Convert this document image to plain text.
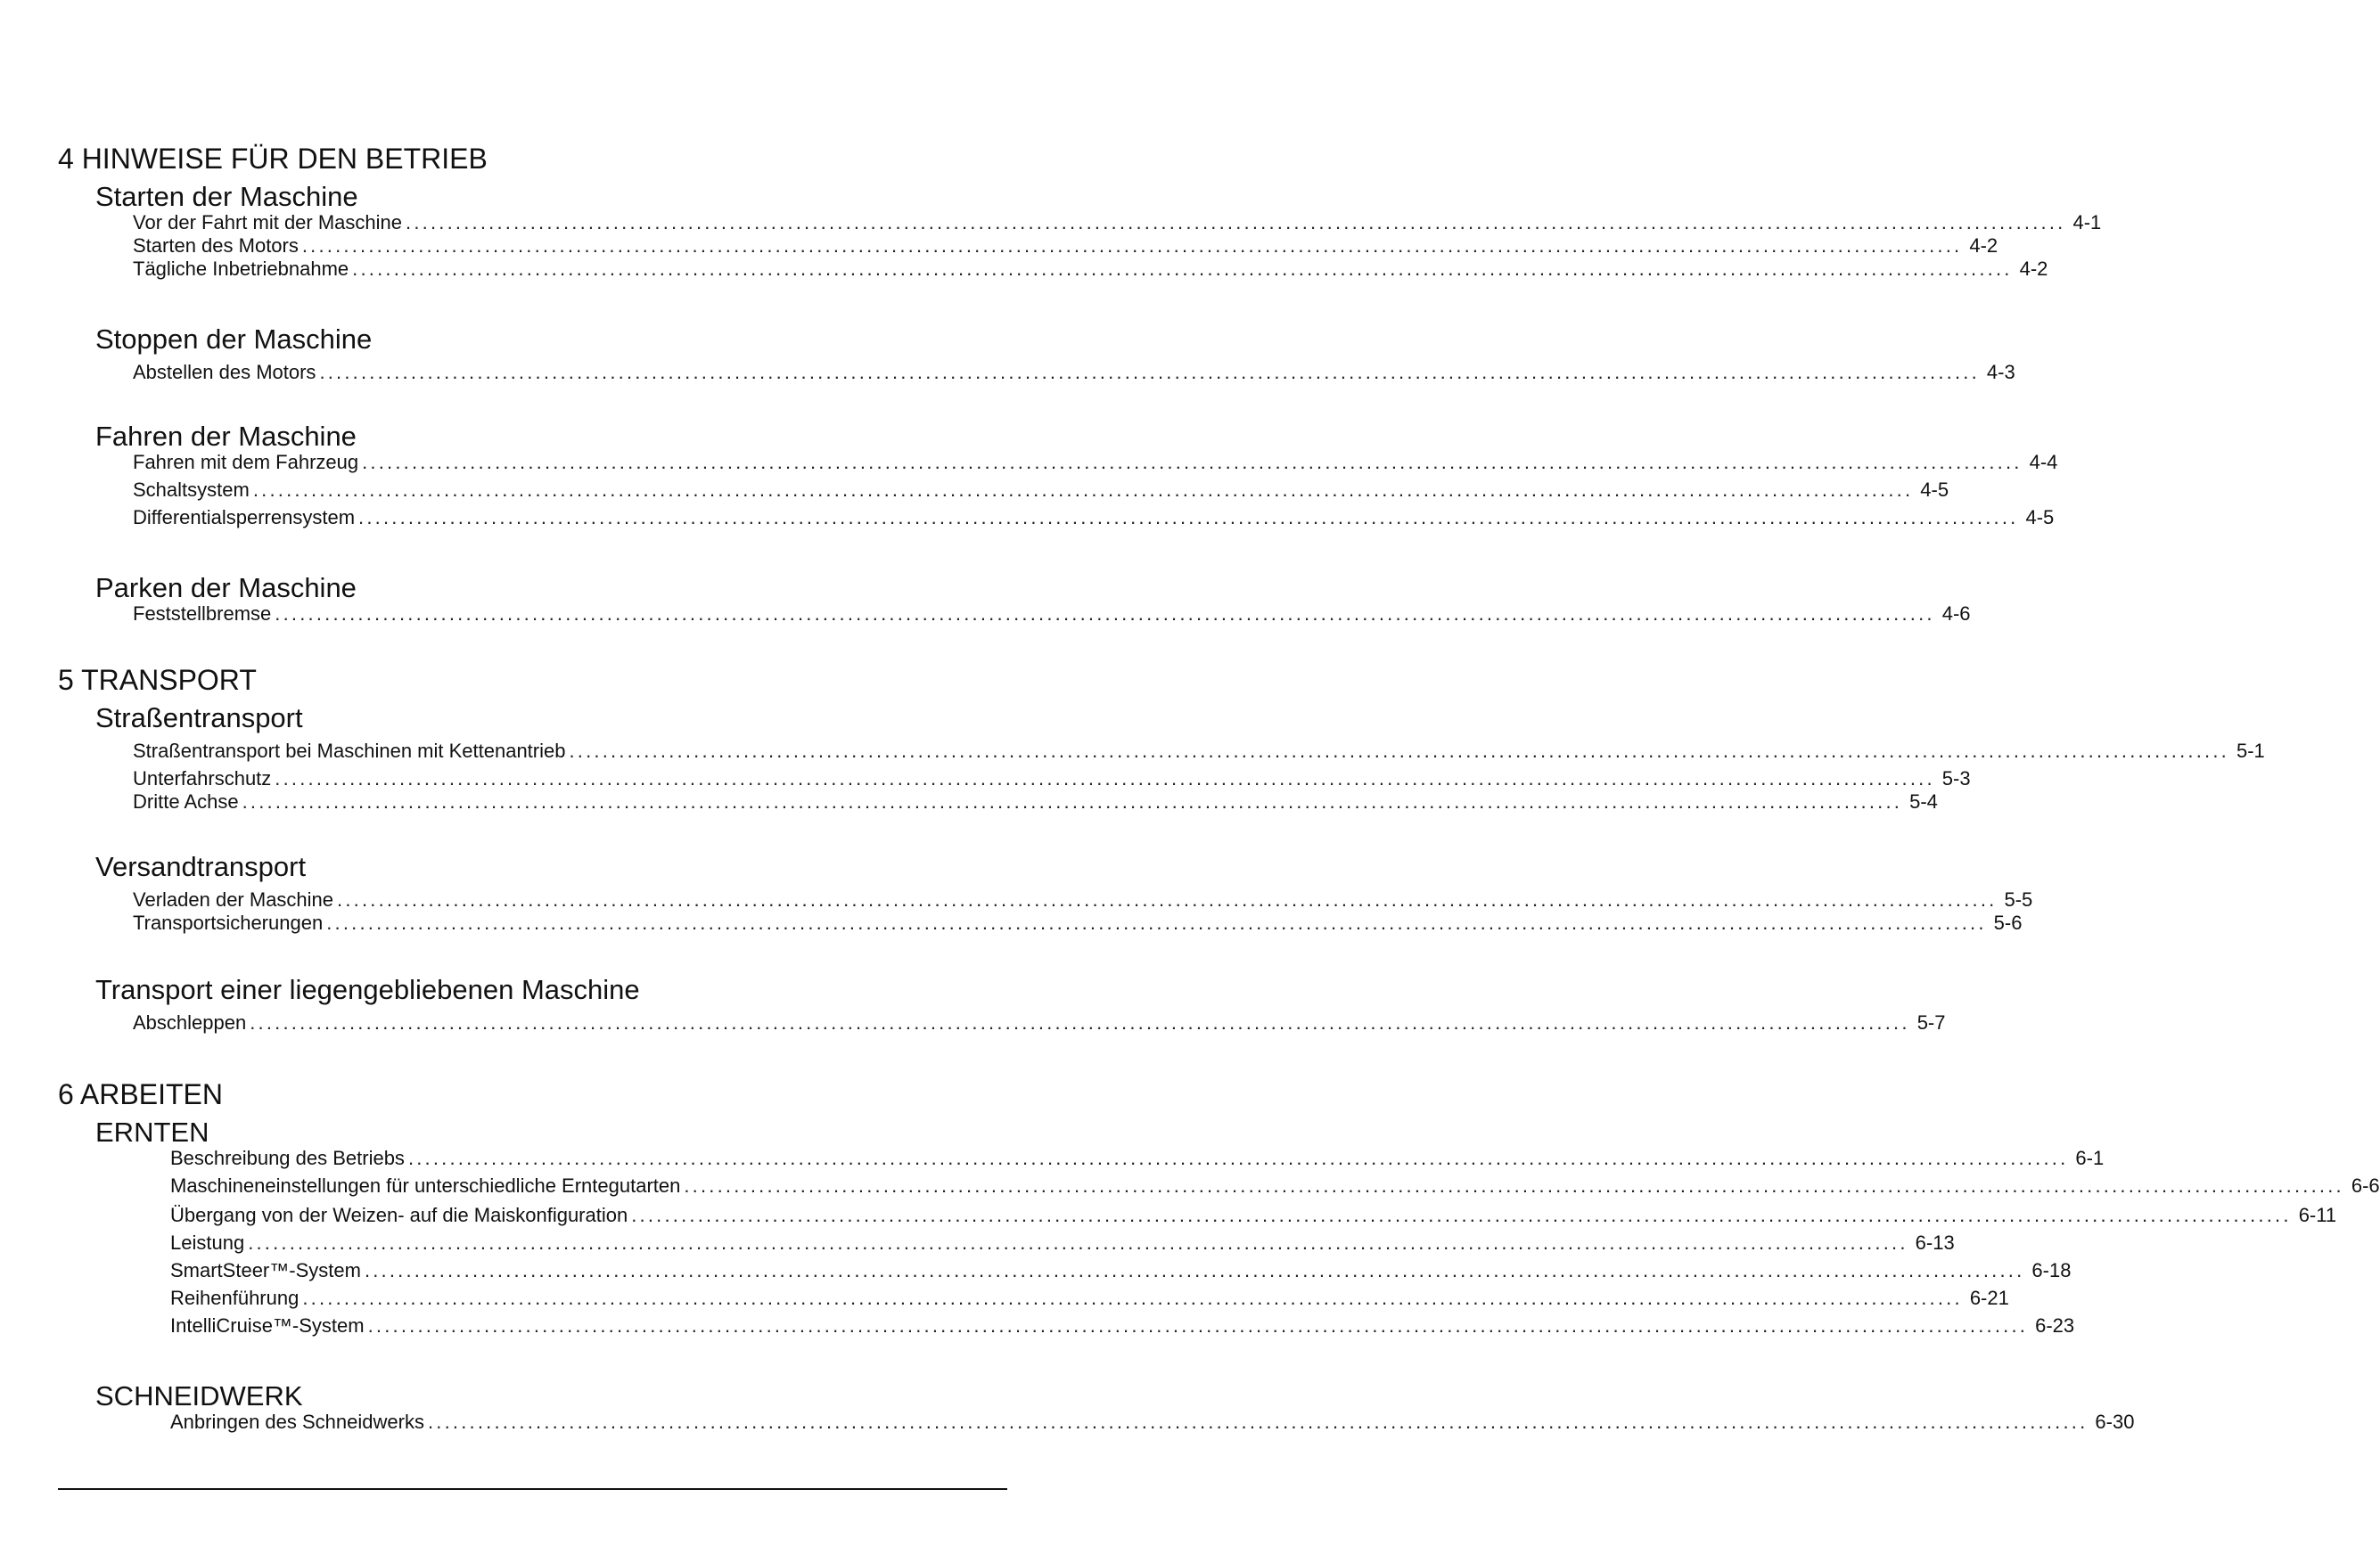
4 HINWEISE FÜR DEN BETRIEB
Starten der Maschine
Vor der Fahrt mit der Maschine ........................................................................................................................................................................................................ 4-1
Starten des Motors ........................................................................................................................................................................................................ 4-2
Tägliche Inbetriebnahme ........................................................................................................................................................................................................ 4-2
Stoppen der Maschine
Abstellen des Motors ........................................................................................................................................................................................................ 4-3
Fahren der Maschine
Fahren mit dem Fahrzeug ........................................................................................................................................................................................................ 4-4
Schaltsystem ........................................................................................................................................................................................................ 4-5
Differentialsperrensystem ........................................................................................................................................................................................................ 4-5
Parken der Maschine
Feststellbremse ........................................................................................................................................................................................................ 4-6
5 TRANSPORT
Straßentransport
Straßentransport bei Maschinen mit Kettenantrieb ........................................................................................................................................................................................................ 5-1
Unterfahrschutz ........................................................................................................................................................................................................ 5-3
Dritte Achse ........................................................................................................................................................................................................ 5-4
Versandtransport
Verladen der Maschine ........................................................................................................................................................................................................ 5-5
Transportsicherungen ........................................................................................................................................................................................................ 5-6
Transport einer liegengebliebenen Maschine
Abschleppen ........................................................................................................................................................................................................ 5-7
6 ARBEITEN
ERNTEN
Beschreibung des Betriebs ........................................................................................................................................................................................................ 6-1
Maschineneinstellungen für unterschiedliche Erntegutarten ........................................................................................................................................................................................................ 6-6
Übergang von der Weizen- auf die Maiskonfiguration ........................................................................................................................................................................................................ 6-11
Leistung ........................................................................................................................................................................................................ 6-13
SmartSteer™-System ........................................................................................................................................................................................................ 6-18
Reihenführung ........................................................................................................................................................................................................ 6-21
IntelliCruise™-System ........................................................................................................................................................................................................ 6-23
SCHNEIDWERK
Anbringen des Schneidwerks ........................................................................................................................................................................................................ 6-30
